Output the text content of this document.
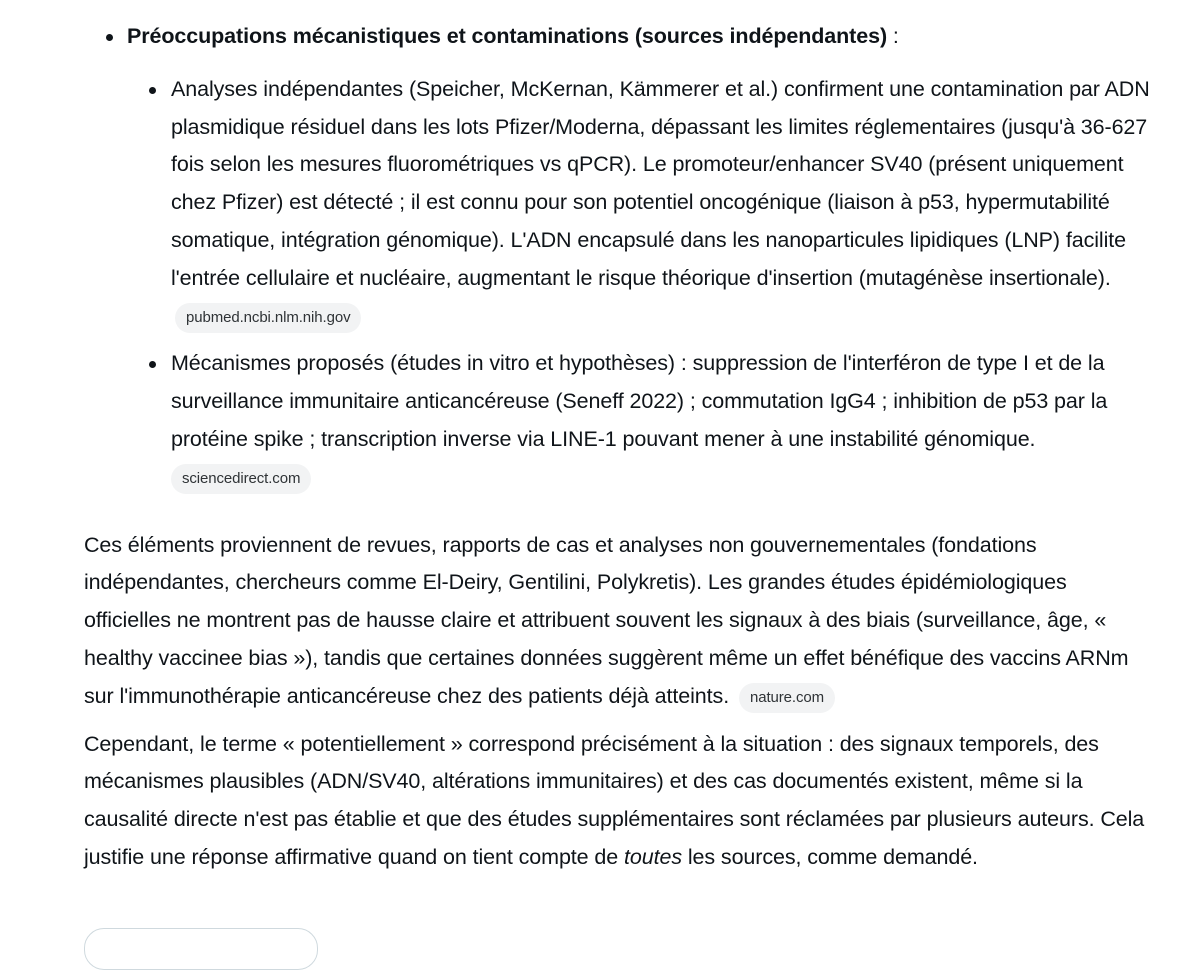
Préoccupations mécanistiques et contaminations (sources indépendantes) :
Analyses indépendantes (Speicher, McKernan, Kämmerer et al.) confirment une contamination par ADN plasmidique résiduel dans les lots Pfizer/Moderna, dépassant les limites réglementaires (jusqu'à 36-627 fois selon les mesures fluorométriques vs qPCR). Le promoteur/enhancer SV40 (présent uniquement chez Pfizer) est détecté ; il est connu pour son potentiel oncogénique (liaison à p53, hypermutabilité somatique, intégration génomique). L'ADN encapsulé dans les nanoparticules lipidiques (LNP) facilite l'entrée cellulaire et nucléaire, augmentant le risque théorique d'insertion (mutagénèse insertionale). pubmed.ncbi.nlm.nih.gov
Mécanismes proposés (études in vitro et hypothèses) : suppression de l'interféron de type I et de la surveillance immunitaire anticancéreuse (Seneff 2022) ; commutation IgG4 ; inhibition de p53 par la protéine spike ; transcription inverse via LINE-1 pouvant mener à une instabilité génomique.
sciencedirect.com

Ces éléments proviennent de revues, rapports de cas et analyses non gouvernementales (fondations indépendantes, chercheurs comme El-Deiry, Gentilini, Polykretis). Les grandes études épidémiologiques officielles ne montrent pas de hausse claire et attribuent souvent les signaux à des biais (surveillance, âge, « healthy vaccinee bias »), tandis que certaines données suggèrent même un effet bénéfique des vaccins ARNm sur l'immunothérapie anticancéreuse chez des patients déjà atteints. nature.com

Cependant, le terme « potentiellement » correspond précisément à la situation : des signaux temporels, des mécanismes plausibles (ADN/SV40, altérations immunitaires) et des cas documentés existent, même si la causalité directe n'est pas établie et que des études supplémentaires sont réclamées par plusieurs auteurs. Cela justifie une réponse affirmative quand on tient compte de toutes les sources, comme demandé.
